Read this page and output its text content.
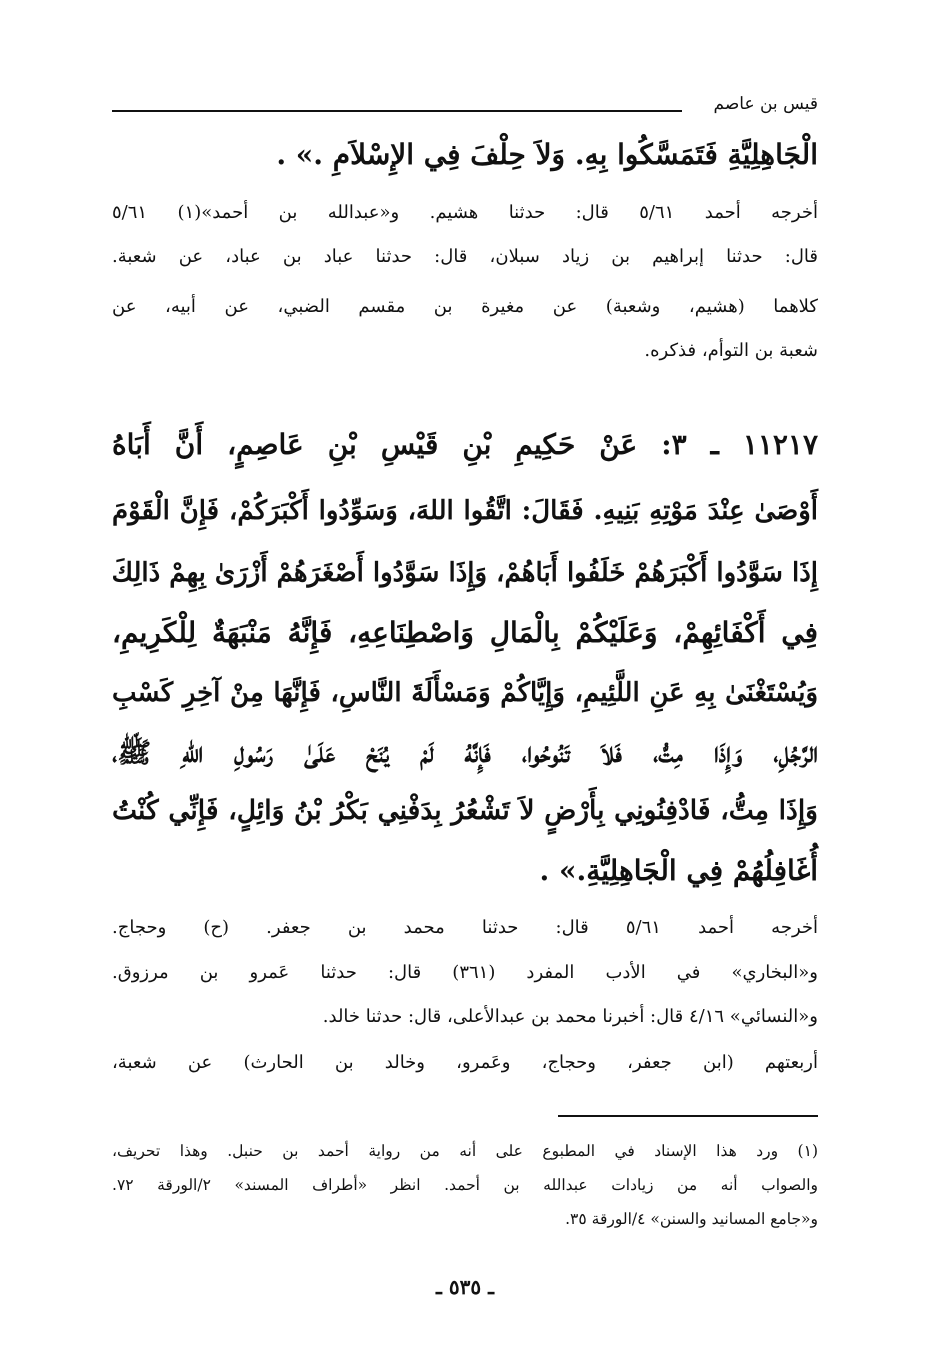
قيس بن عاصم
الْجَاهِلِيَّةِ فَتَمَسَّكُوا بِهِ. وَلاَ حِلْفَ فِي الإِسْلاَمِ .» .
أخرجه أحمد ٥/٦١ قال: حدثنا هشيم. و«عبدالله بن أحمد»(١) ٥/٦١
قال: حدثنا إبراهيم بن زياد سبلان، قال: حدثنا عباد بن عباد، عن شعبة.
كلاهما (هشيم، وشعبة) عن مغيرة بن مقسم الضبي، عن أبيه، عن
شعبة بن التوأم، فذكره.
١١٢١٧ ـ ٣: عَنْ حَكِيمِ بْنِ قَيْسِ بْنِ عَاصِمٍ، أَنَّ أَبَاهُ
أَوْصَىٰ عِنْدَ مَوْتِهِ بَنِيهِ. فَقَالَ: اتَّقُوا اللهَ، وَسَوِّدُوا أَكْبَرَكُمْ، فَإِنَّ الْقَوْمَ
إِذَا سَوَّدُوا أَكْبَرَهُمْ خَلَفُوا أَبَاهُمْ، وَإِذَا سَوَّدُوا أَصْغَرَهُمْ أَزْرَىٰ بِهِمْ ذَالِكَ
فِي أَكْفَائِهِمْ، وَعَلَيْكُمْ بِالْمَالِ وَاصْطِنَاعِهِ، فَإِنَّهُ مَنْبَهَةٌ لِلْكَرِيمِ،
وَيُسْتَغْنَىٰ بِهِ عَنِ اللَّئِيمِ، وَإِيَّاكُمْ وَمَسْأَلَةَ النَّاسِ، فَإِنَّهَا مِنْ آخِرِ كَسْبِ
الرَّجُلِ، وَإِذَا مِتُّ، فَلاَ تَنُوحُوا، فَإِنَّهُ لَمْ يُنَحْ عَلَىٰ رَسُولِ اللهِ ﷺ،
وَإِذَا مِتُّ، فَادْفِنُونِي بِأَرْضٍ لاَ تَشْعُرُ بِدَفْنِي بَكْرُ بْنُ وَائِلٍ، فَإِنِّي كُنْتُ
أُغَافِلُهُمْ فِي الْجَاهِلِيَّةِ.» .
أخرجه أحمد ٥/٦١ قال: حدثنا محمد بن جعفر. (ح) وحجاج.
و«البخاري» في الأدب المفرد (٣٦١) قال: حدثنا عَمرو بن مرزوق.
و«النسائي» ٤/١٦ قال: أخبرنا محمد بن عبدالأعلى، قال: حدثنا خالد.
أربعتهم (ابن جعفر، وحجاج، وعَمرو، وخالد بن الحارث) عن شعبة،
(١) ورد هذا الإسناد في المطبوع على أنه من رواية أحمد بن حنبل. وهذا تحريف،
والصواب أنه من زيادات عبدالله بن أحمد. انظر «أطراف المسند» ٢/الورقة ٧٢.
و«جامع المسانيد والسنن» ٤/الورقة ٣٥.
ـ ٥٣٥ ـ
